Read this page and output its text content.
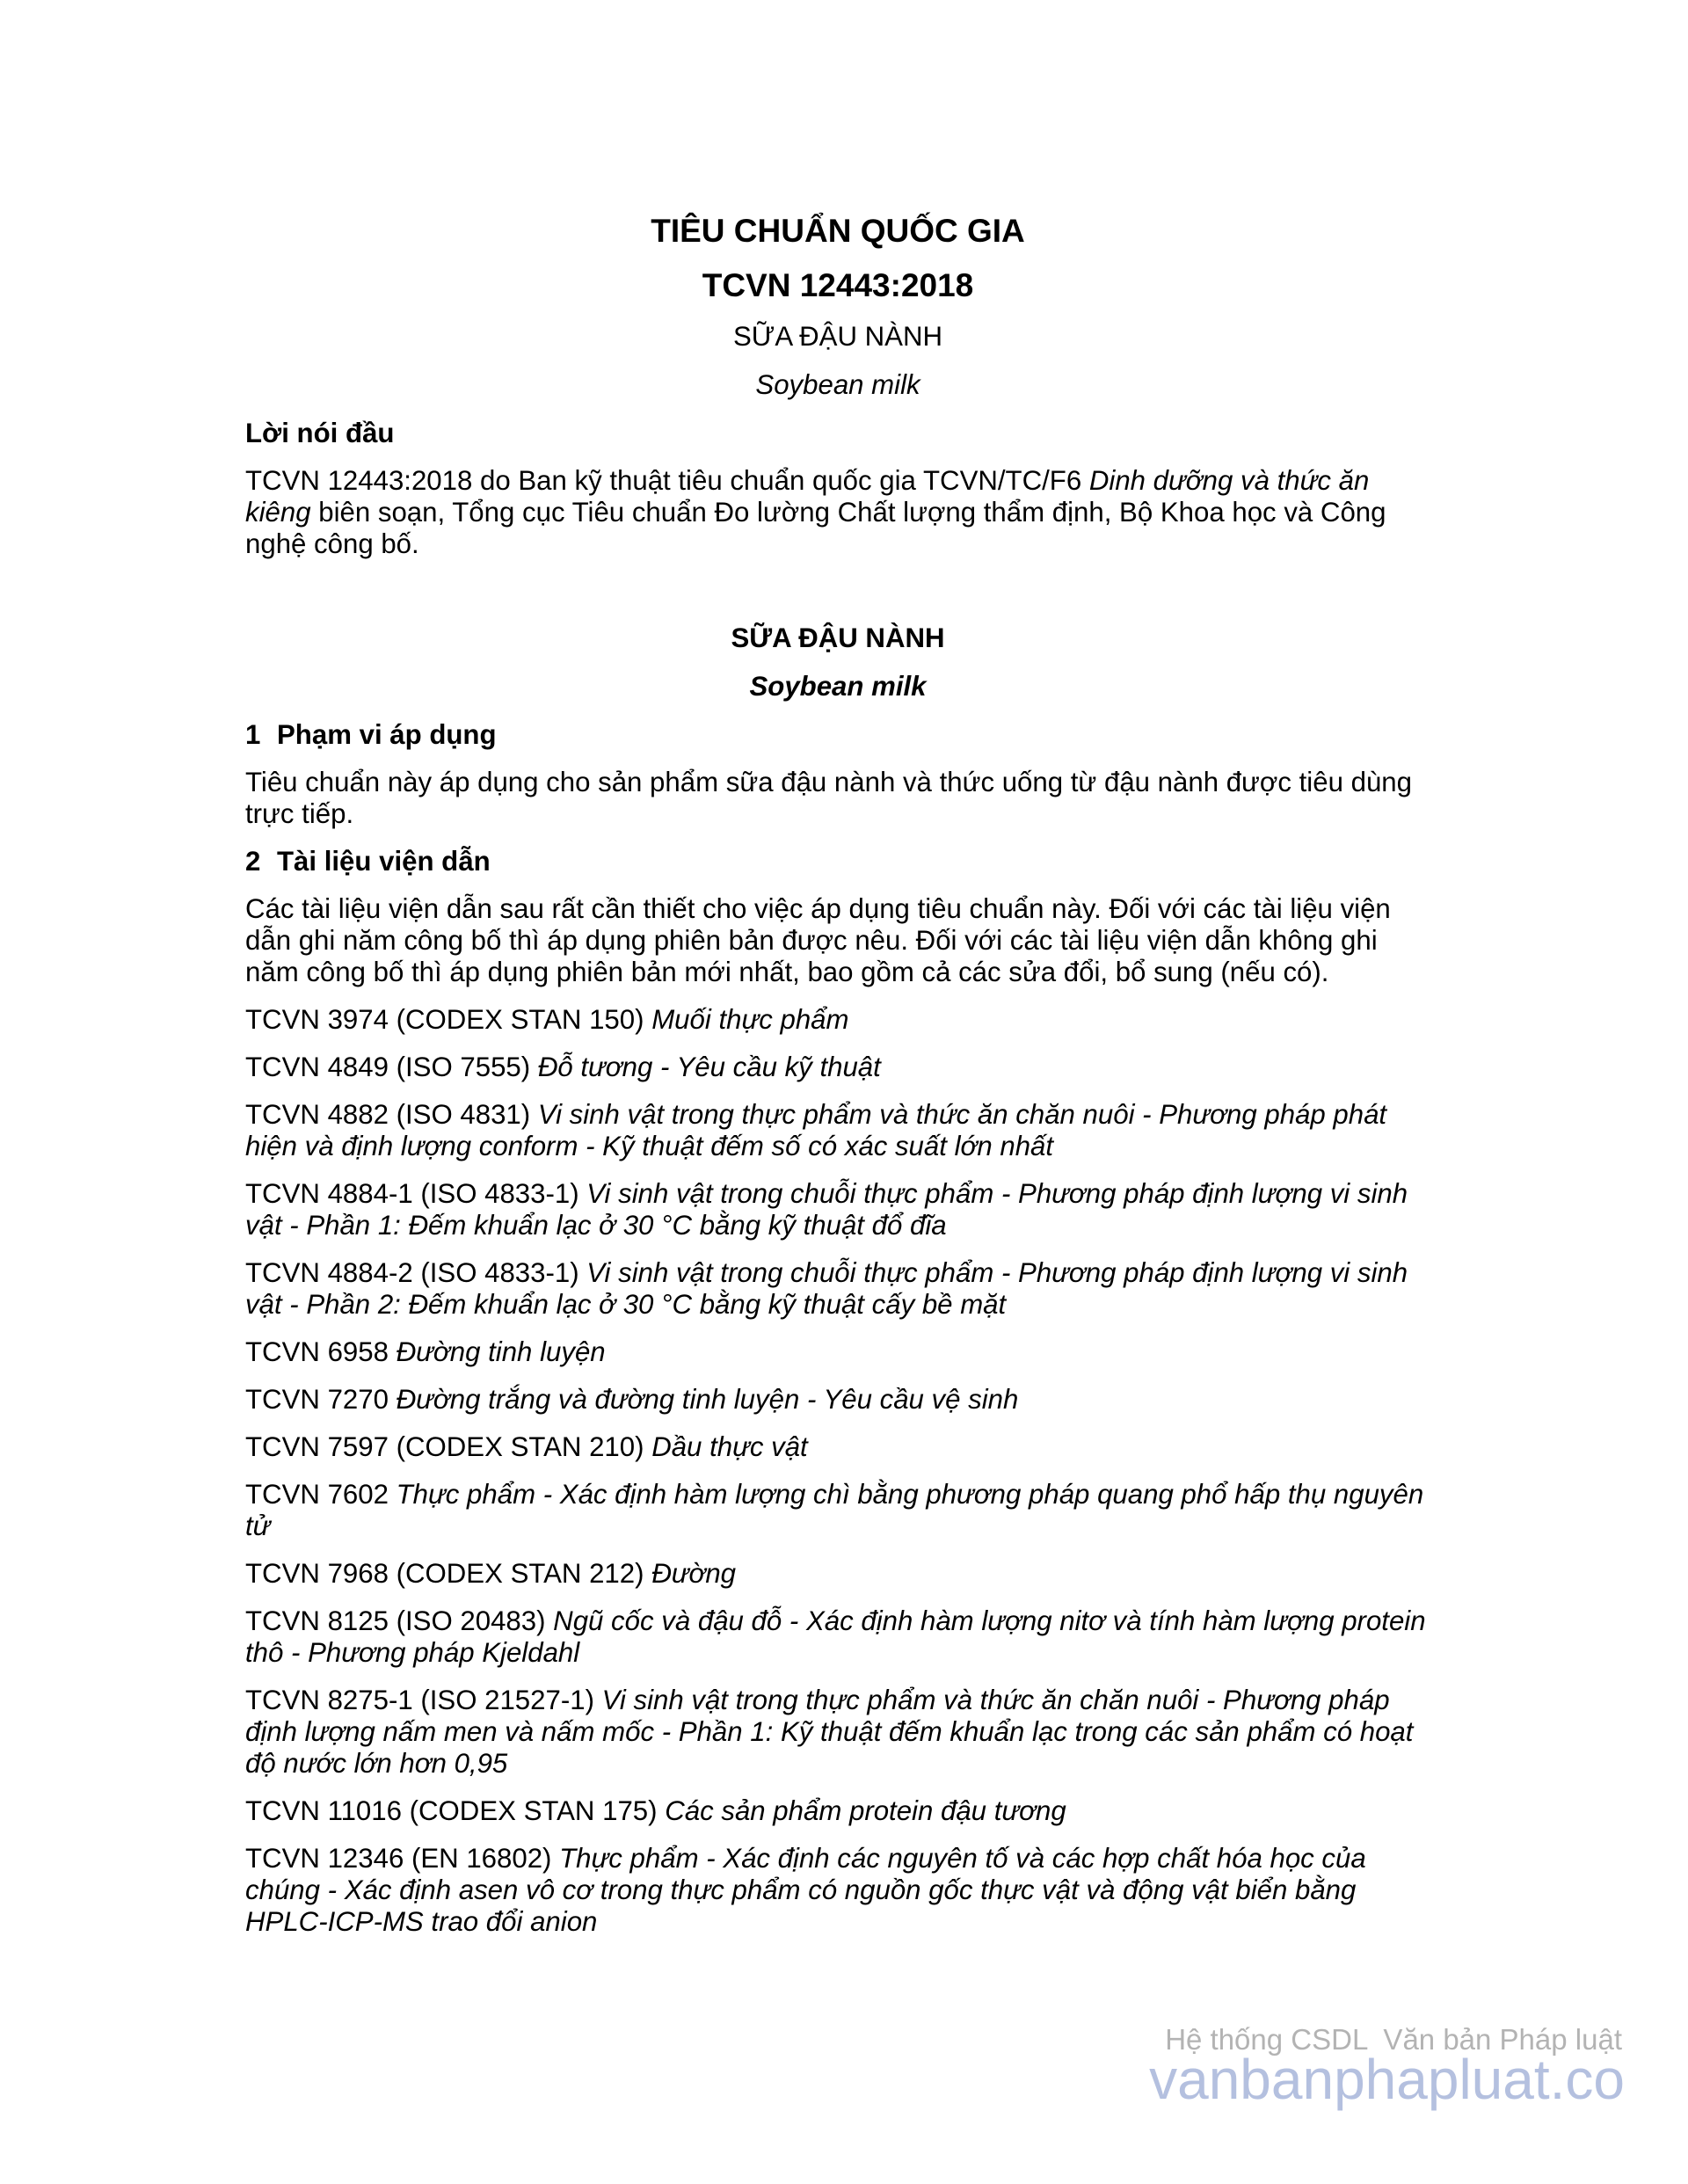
TIÊU CHUẨN QUỐC GIA
TCVN 12443:2018
SỮA ĐẬU NÀNH
Soybean milk
Lời nói đầu

TCVN 12443:2018 do Ban kỹ thuật tiêu chuẩn quốc gia TCVN/TC/F6 Dinh dưỡng và thức ăn kiêng biên soạn, Tổng cục Tiêu chuẩn Đo lường Chất lượng thẩm định, Bộ Khoa học và Công nghệ công bố.

SỮA ĐẬU NÀNH
Soybean milk
1 Phạm vi áp dụng

Tiêu chuẩn này áp dụng cho sản phẩm sữa đậu nành và thức uống từ đậu nành được tiêu dùng trực tiếp.

2 Tài liệu viện dẫn

Các tài liệu viện dẫn sau rất cần thiết cho việc áp dụng tiêu chuẩn này. Đối với các tài liệu viện dẫn ghi năm công bố thì áp dụng phiên bản được nêu. Đối với các tài liệu viện dẫn không ghi năm công bố thì áp dụng phiên bản mới nhất, bao gồm cả các sửa đổi, bổ sung (nếu có).

TCVN 3974 (CODEX STAN 150) Muối thực phẩm

TCVN 4849 (ISO 7555) Đỗ tương - Yêu cầu kỹ thuật

TCVN 4882 (ISO 4831) Vi sinh vật trong thực phẩm và thức ăn chăn nuôi - Phương pháp phát hiện và định lượng conform - Kỹ thuật đếm số có xác suất lớn nhất

TCVN 4884-1 (ISO 4833-1) Vi sinh vật trong chuỗi thực phẩm - Phương pháp định lượng vi sinh vật - Phần 1: Đếm khuẩn lạc ở 30 °C bằng kỹ thuật đổ đĩa

TCVN 4884-2 (ISO 4833-1) Vi sinh vật trong chuỗi thực phẩm - Phương pháp định lượng vi sinh vật - Phần 2: Đếm khuẩn lạc ở 30 °C bằng kỹ thuật cấy bề mặt

TCVN 6958 Đường tinh luyện

TCVN 7270 Đường trắng và đường tinh luyện - Yêu cầu vệ sinh

TCVN 7597 (CODEX STAN 210) Dầu thực vật

TCVN 7602 Thực phẩm - Xác định hàm lượng chì bằng phương pháp quang phổ hấp thụ nguyên tử

TCVN 7968 (CODEX STAN 212) Đường

TCVN 8125 (ISO 20483) Ngũ cốc và đậu đỗ - Xác định hàm lượng nitơ và tính hàm lượng protein thô - Phương pháp Kjeldahl

TCVN 8275-1 (ISO 21527-1) Vi sinh vật trong thực phẩm và thức ăn chăn nuôi - Phương pháp định lượng nấm men và nấm mốc - Phần 1: Kỹ thuật đếm khuẩn lạc trong các sản phẩm có hoạt độ nước lớn hơn 0,95

TCVN 11016 (CODEX STAN 175) Các sản phẩm protein đậu tương

TCVN 12346 (EN 16802) Thực phẩm - Xác định các nguyên tố và các hợp chất hóa học của chúng - Xác định asen vô cơ trong thực phẩm có nguồn gốc thực vật và động vật biển bằng HPLC-ICP-MS trao đổi anion

Hệ thống CSDL  Văn bản Pháp luật
vanbanphapluat.co
